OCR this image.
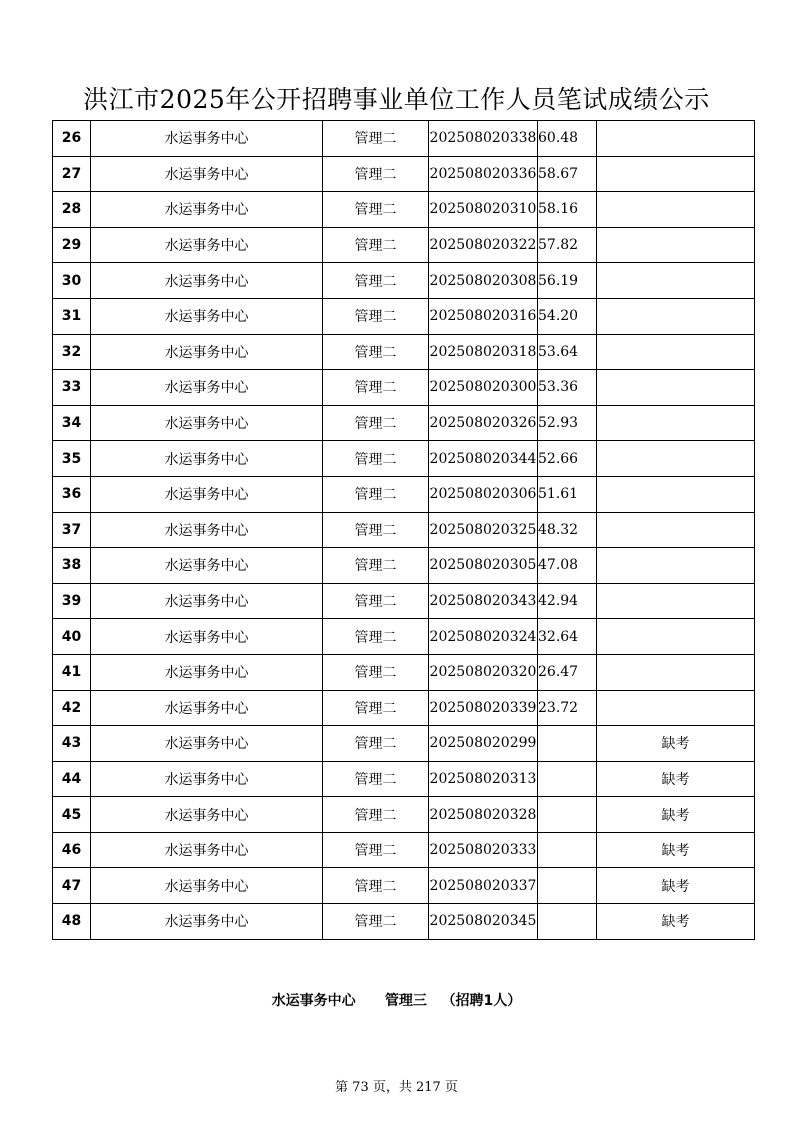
洪江市2025年公开招聘事业单位工作人员笔试成绩公示
26	水运事务中心	管理二	202508020338	60.48	
27	水运事务中心	管理二	202508020336	58.67	
28	水运事务中心	管理二	202508020310	58.16	
29	水运事务中心	管理二	202508020322	57.82	
30	水运事务中心	管理二	202508020308	56.19	
31	水运事务中心	管理二	202508020316	54.20	
32	水运事务中心	管理二	202508020318	53.64	
33	水运事务中心	管理二	202508020300	53.36	
34	水运事务中心	管理二	202508020326	52.93	
35	水运事务中心	管理二	202508020344	52.66	
36	水运事务中心	管理二	202508020306	51.61	
37	水运事务中心	管理二	202508020325	48.32	
38	水运事务中心	管理二	202508020305	47.08	
39	水运事务中心	管理二	202508020343	42.94	
40	水运事务中心	管理二	202508020324	32.64	
41	水运事务中心	管理二	202508020320	26.47	
42	水运事务中心	管理二	202508020339	23.72	
43	水运事务中心	管理二	202508020299		缺考
44	水运事务中心	管理二	202508020313		缺考
45	水运事务中心	管理二	202508020328		缺考
46	水运事务中心	管理二	202508020333		缺考
47	水运事务中心	管理二	202508020337		缺考
48	水运事务中心	管理二	202508020345		缺考
水运事务中心 管理三 （招聘1人）
第 73 页，共 217 页
